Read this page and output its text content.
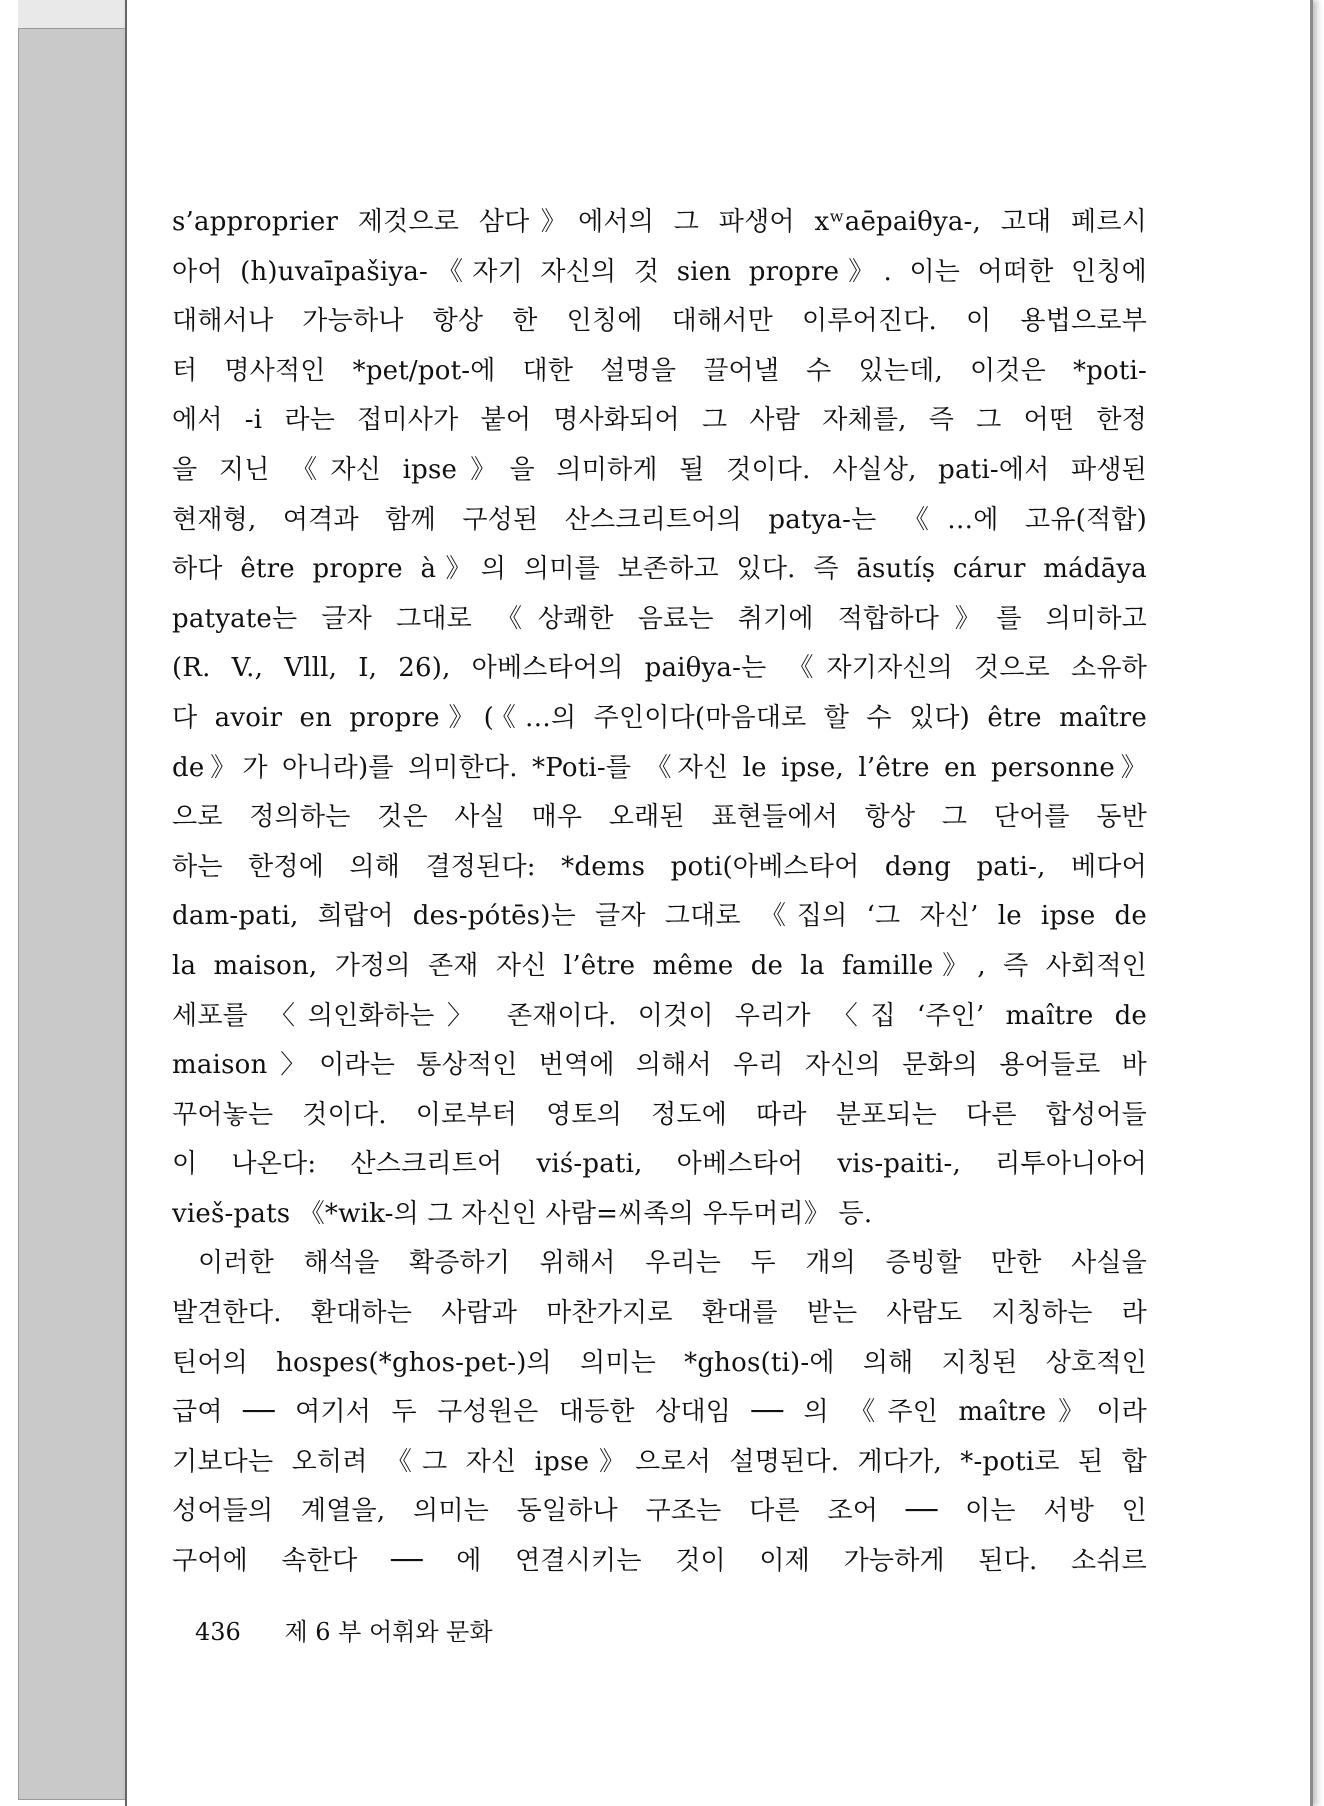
s’approprier 제것으로 삼다》에서의 그 파생어 xʷaēpaiθya-, 고대 페르시
아어 (h)uvaīpašiya-《자기 자신의 것 sien propre》. 이는 어떠한 인칭에
대해서나 가능하나 항상 한 인칭에 대해서만 이루어진다. 이 용법으로부
터 명사적인 *pet/pot-에 대한 설명을 끌어낼 수 있는데, 이것은 *poti-
에서 -i 라는 접미사가 붙어 명사화되어 그 사람 자체를, 즉 그 어떤 한정
을 지닌 《자신 ipse》을 의미하게 될 것이다. 사실상, pati-에서 파생된
현재형, 여격과 함께 구성된 산스크리트어의 patya-는 《…에 고유(적합)
하다 être propre à》의 의미를 보존하고 있다. 즉 āsutíṣ cárur mádāya
patyate는 글자 그대로 《상쾌한 음료는 취기에 적합하다》를 의미하고
(R. V., Vlll, I, 26), 아베스타어의 paiθya-는 《자기자신의 것으로 소유하
다 avoir en propre》(《…의 주인이다(마음대로 할 수 있다) être maître
de》가 아니라)를 의미한다. *Poti-를 《자신 le ipse, l’être en personne》
으로 정의하는 것은 사실 매우 오래된 표현들에서 항상 그 단어를 동반
하는 한정에 의해 결정된다: *dems poti(아베스타어 dəng pati-, 베다어
dam-pati, 희랍어 des-pótēs)는 글자 그대로 《집의 ‘그 자신’ le ipse de
la maison, 가정의 존재 자신 l’être même de la famille》, 즉 사회적인
세포를 〈의인화하는〉 존재이다. 이것이 우리가 〈집 ‘주인’ maître de
maison〉이라는 통상적인 번역에 의해서 우리 자신의 문화의 용어들로 바
꾸어놓는 것이다. 이로부터 영토의 정도에 따라 분포되는 다른 합성어들
이 나온다: 산스크리트어 viś-pati, 아베스타어 vis-paiti-, 리투아니아어
vieš-pats 《*wik-의 그 자신인 사람=씨족의 우두머리》 등.
이러한 해석을 확증하기 위해서 우리는 두 개의 증빙할 만한 사실을
발견한다. 환대하는 사람과 마찬가지로 환대를 받는 사람도 지칭하는 라
틴어의 hospes(*ghos-pet-)의 의미는 *ghos(ti)-에 의해 지칭된 상호적인
급여 ── 여기서 두 구성원은 대등한 상대임 ── 의 《주인 maître》이라
기보다는 오히려 《그 자신 ipse》으로서 설명된다. 게다가, *-poti로 된 합
성어들의 계열을, 의미는 동일하나 구조는 다른 조어 ── 이는 서방 인
구어에 속한다 ── 에 연결시키는 것이 이제 가능하게 된다. 소쉬르
436 제 6 부 어휘와 문화
